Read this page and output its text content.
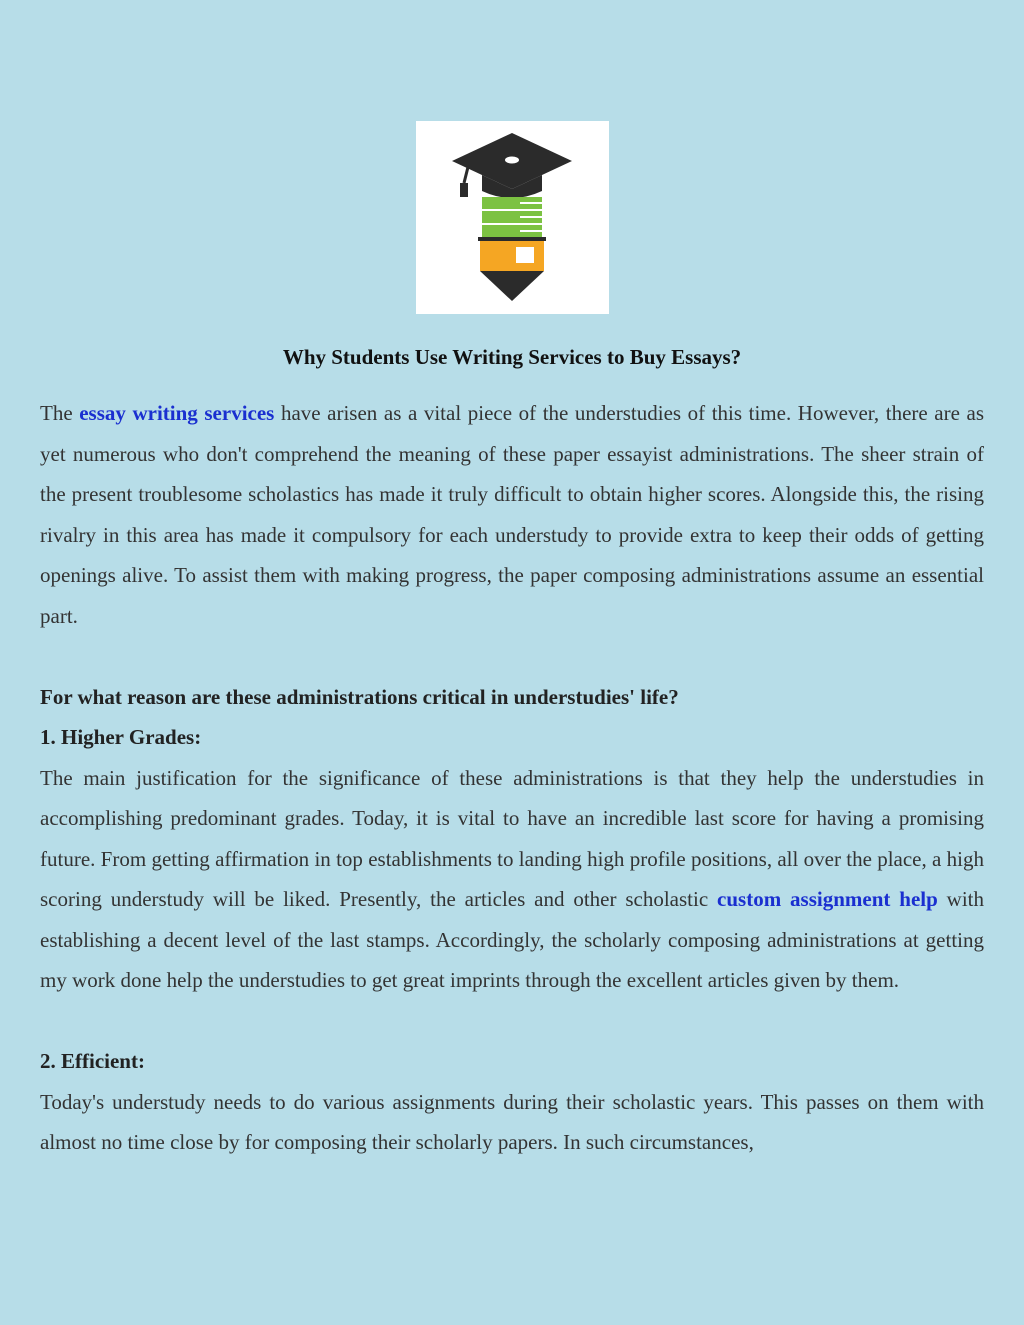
Why Students Use Writing Services to Buy Essays?

The essay writing services have arisen as a vital piece of the understudies of this time. However, there are as yet numerous who don't comprehend the meaning of these paper essayist administrations. The sheer strain of the present troublesome scholastics has made it truly difficult to obtain higher scores. Alongside this, the rising rivalry in this area has made it compulsory for each understudy to provide extra to keep their odds of getting openings alive. To assist them with making progress, the paper composing administrations assume an essential part.

For what reason are these administrations critical in understudies' life?

1. Higher Grades:

The main justification for the significance of these administrations is that they help the understudies in accomplishing predominant grades. Today, it is vital to have an incredible last score for having a promising future. From getting affirmation in top establishments to landing high profile positions, all over the place, a high scoring understudy will be liked. Presently, the articles and other scholastic custom assignment help with establishing a decent level of the last stamps. Accordingly, the scholarly composing administrations at getting my work done help the understudies to get great imprints through the excellent articles given by them.

2. Efficient:

Today's understudy needs to do various assignments during their scholastic years. This passes on them with almost no time close by for composing their scholarly papers. In such circumstances,
